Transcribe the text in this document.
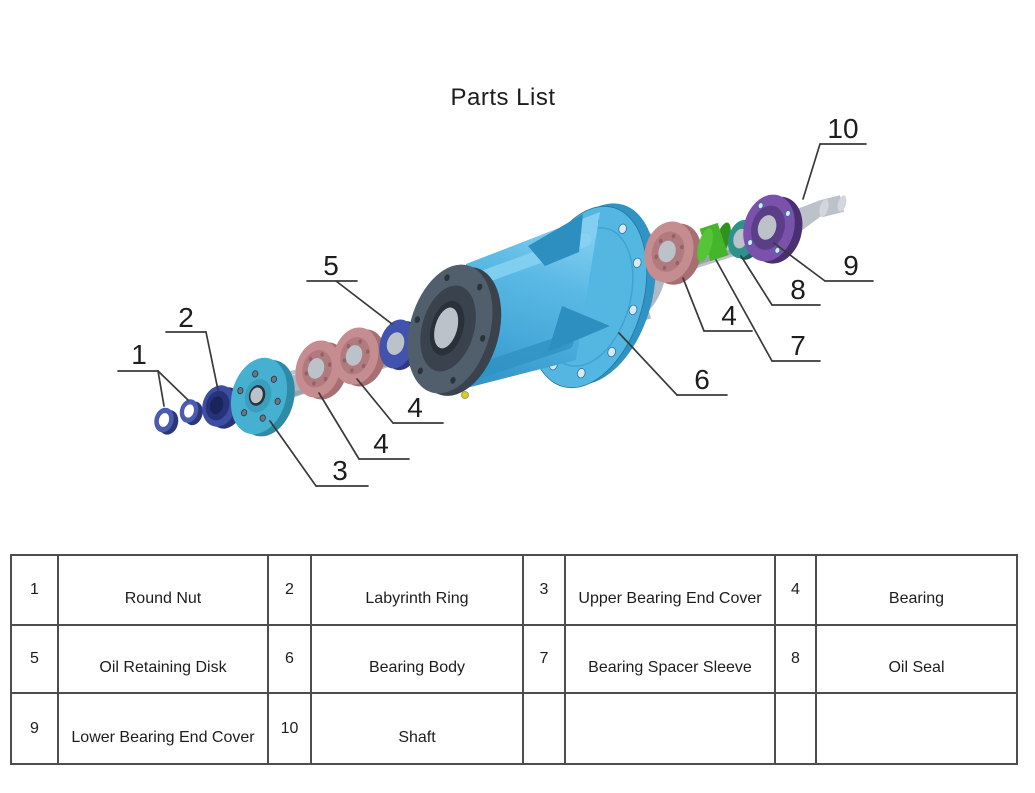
Parts List
1
2
3
4
4
5
6
4
7
8
9
10
1	Round Nut	2	Labyrinth Ring	3	Upper Bearing End Cover	4	Bearing
5	Oil Retaining Disk	6	Bearing Body	7	Bearing Spacer Sleeve	8	Oil Seal
9	Lower Bearing End Cover	10	Shaft				
